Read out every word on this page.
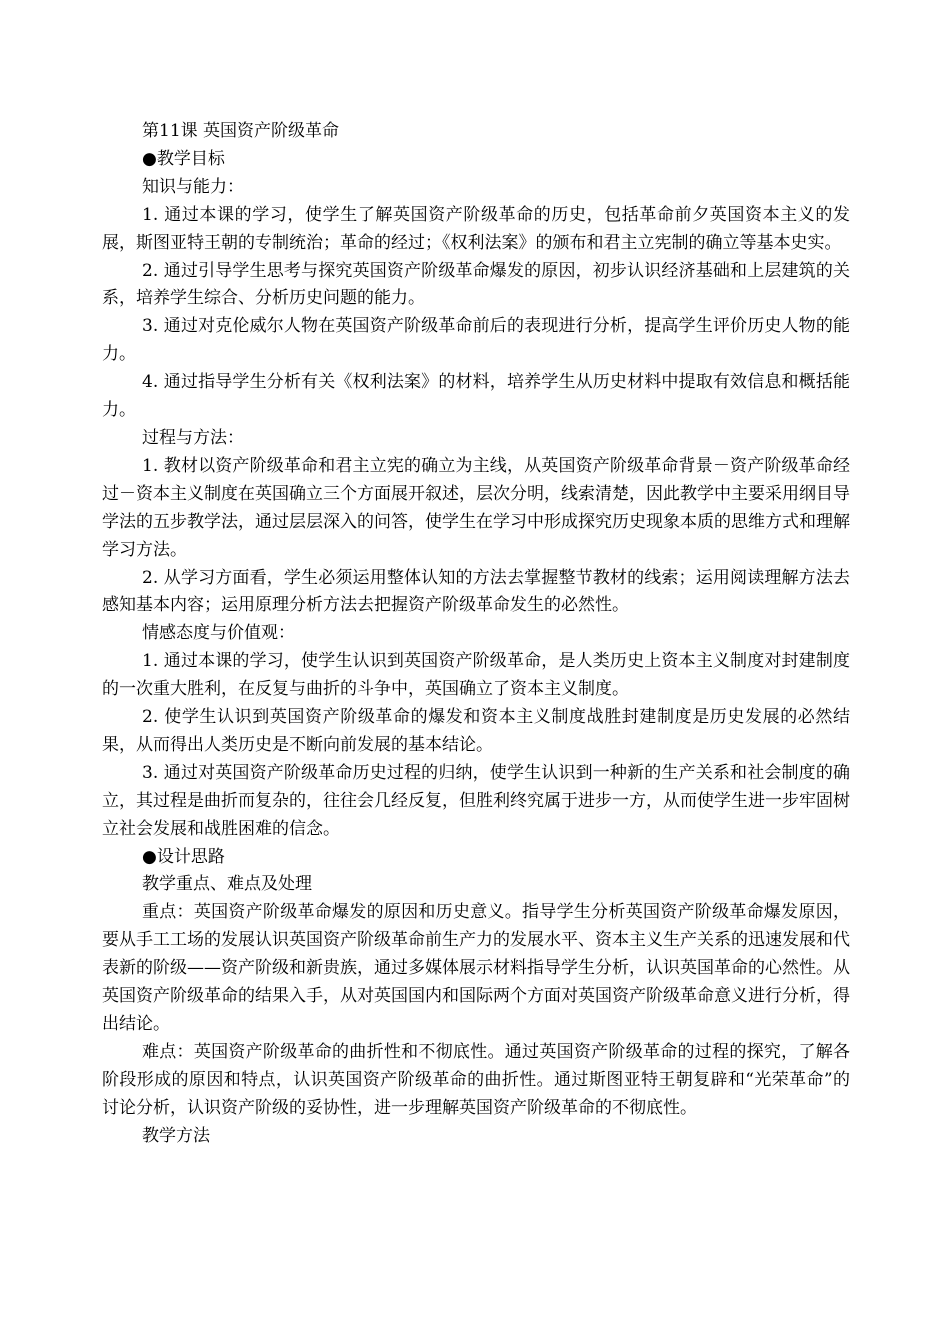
第11课 英国资产阶级革命

●教学目标

知识与能力：

1. 通过本课的学习，使学生了解英国资产阶级革命的历史，包括革命前夕英国资本主义的发展，斯图亚特王朝的专制统治；革命的经过；《权利法案》的颁布和君主立宪制的确立等基本史实。

2. 通过引导学生思考与探究英国资产阶级革命爆发的原因，初步认识经济基础和上层建筑的关系，培养学生综合、分析历史问题的能力。

3. 通过对克伦威尔人物在英国资产阶级革命前后的表现进行分析，提高学生评价历史人物的能力。

4. 通过指导学生分析有关《权利法案》的材料，培养学生从历史材料中提取有效信息和概括能力。

过程与方法：

1. 教材以资产阶级革命和君主立宪的确立为主线，从英国资产阶级革命背景－资产阶级革命经过－资本主义制度在英国确立三个方面展开叙述，层次分明，线索清楚，因此教学中主要采用纲目导学法的五步教学法，通过层层深入的问答，使学生在学习中形成探究历史现象本质的思维方式和理解学习方法。

2. 从学习方面看，学生必须运用整体认知的方法去掌握整节教材的线索；运用阅读理解方法去感知基本内容；运用原理分析方法去把握资产阶级革命发生的必然性。

情感态度与价值观：

1. 通过本课的学习，使学生认识到英国资产阶级革命，是人类历史上资本主义制度对封建制度的一次重大胜利，在反复与曲折的斗争中，英国确立了资本主义制度。

2. 使学生认识到英国资产阶级革命的爆发和资本主义制度战胜封建制度是历史发展的必然结果，从而得出人类历史是不断向前发展的基本结论。

3. 通过对英国资产阶级革命历史过程的归纳，使学生认识到一种新的生产关系和社会制度的确立，其过程是曲折而复杂的，往往会几经反复，但胜利终究属于进步一方，从而使学生进一步牢固树立社会发展和战胜困难的信念。

●设计思路

教学重点、难点及处理

重点：英国资产阶级革命爆发的原因和历史意义。指导学生分析英国资产阶级革命爆发原因，要从手工工场的发展认识英国资产阶级革命前生产力的发展水平、资本主义生产关系的迅速发展和代表新的阶级——资产阶级和新贵族，通过多媒体展示材料指导学生分析，认识英国革命的心然性。从英国资产阶级革命的结果入手，从对英国国内和国际两个方面对英国资产阶级革命意义进行分析，得出结论。

难点：英国资产阶级革命的曲折性和不彻底性。通过英国资产阶级革命的过程的探究，了解各阶段形成的原因和特点，认识英国资产阶级革命的曲折性。通过斯图亚特王朝复辟和“光荣革命”的讨论分析，认识资产阶级的妥协性，进一步理解英国资产阶级革命的不彻底性。

教学方法
